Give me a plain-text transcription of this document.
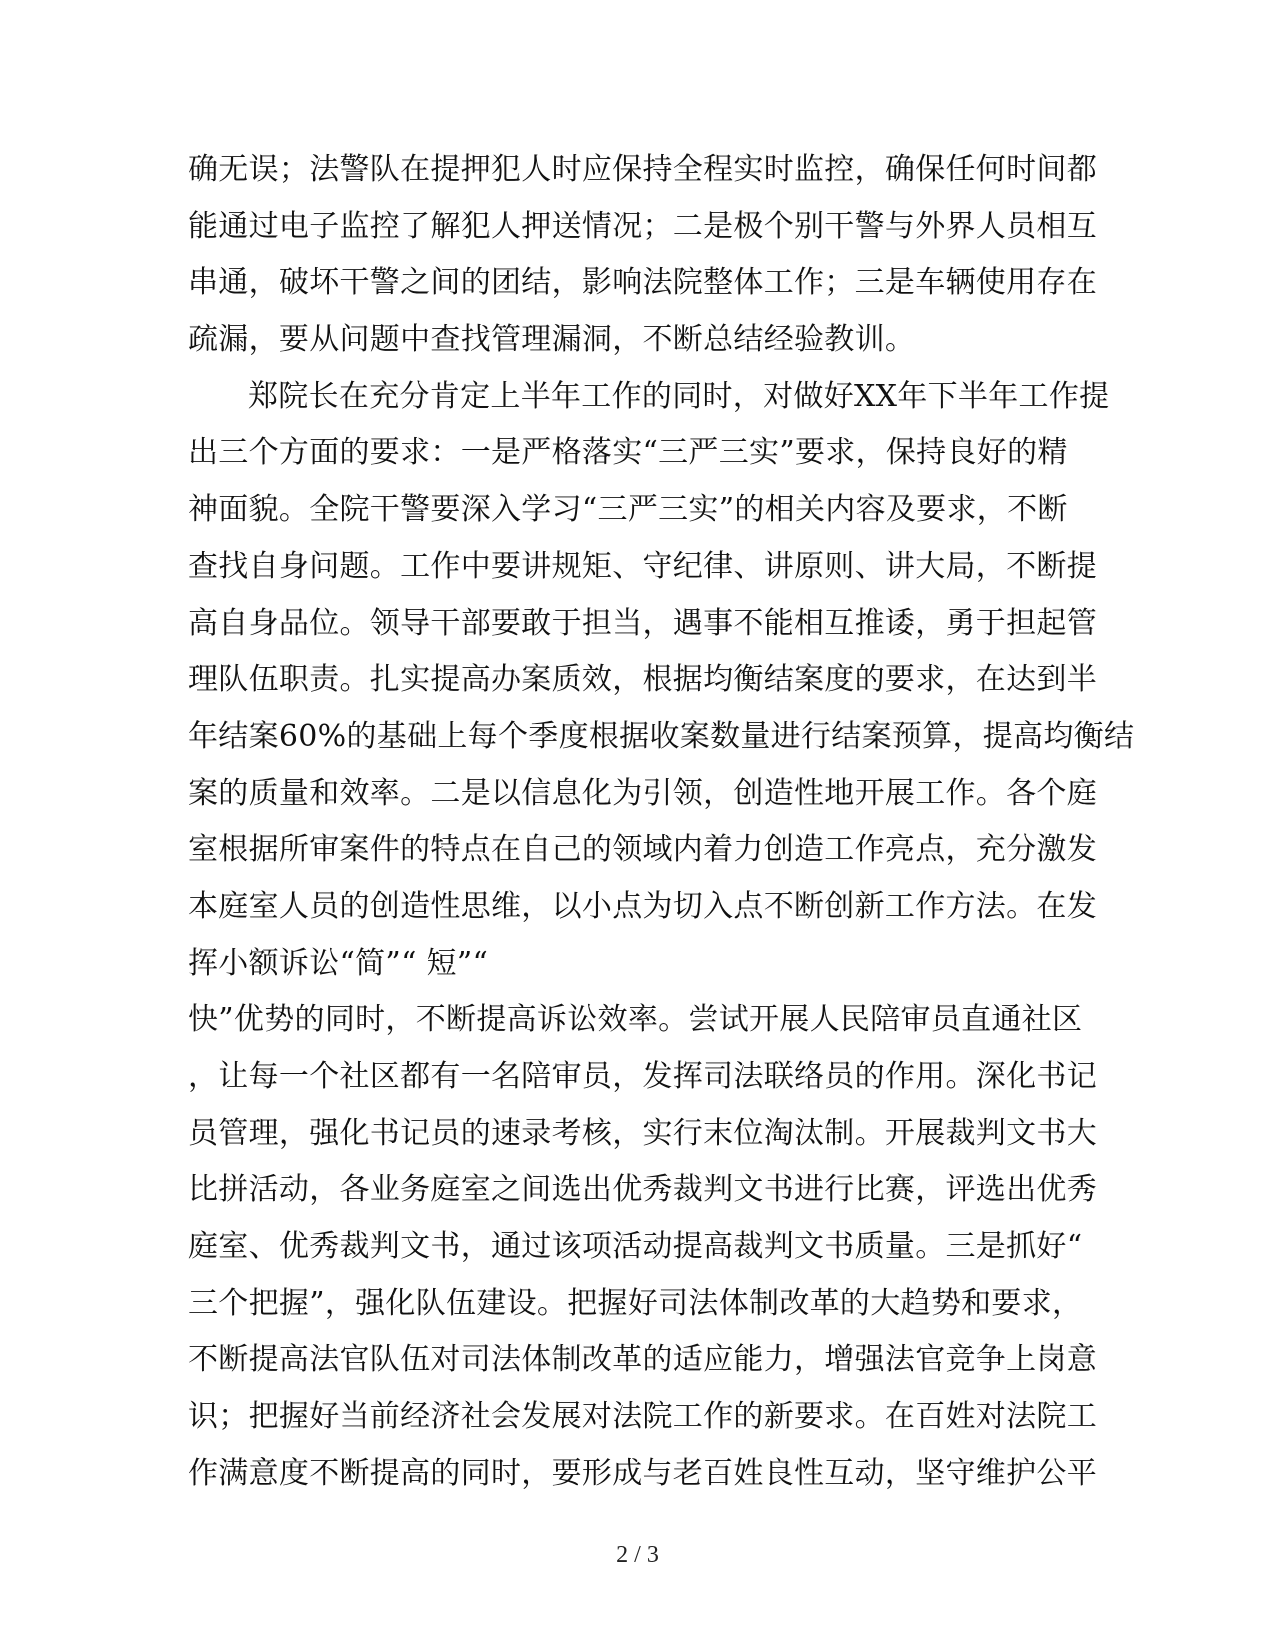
确无误；法警队在提押犯人时应保持全程实时监控，确保任何时间都
能通过电子监控了解犯人押送情况；二是极个别干警与外界人员相互
串通，破坏干警之间的团结，影响法院整体工作；三是车辆使用存在
疏漏，要从问题中查找管理漏洞，不断总结经验教训。
郑院长在充分肯定上半年工作的同时，对做好XX年下半年工作提
出三个方面的要求：一是严格落实“三严三实”要求，保持良好的精
神面貌。全院干警要深入学习“三严三实”的相关内容及要求，不断
查找自身问题。工作中要讲规矩、守纪律、讲原则、讲大局，不断提
高自身品位。领导干部要敢于担当，遇事不能相互推诿，勇于担起管
理队伍职责。扎实提高办案质效，根据均衡结案度的要求，在达到半
年结案60%的基础上每个季度根据收案数量进行结案预算，提高均衡结
案的质量和效率。二是以信息化为引领，创造性地开展工作。各个庭
室根据所审案件的特点在自己的领域内着力创造工作亮点，充分激发
本庭室人员的创造性思维，以小点为切入点不断创新工作方法。在发
挥小额诉讼“简”“ 短”“
快”优势的同时，不断提高诉讼效率。尝试开展人民陪审员直通社区
，让每一个社区都有一名陪审员，发挥司法联络员的作用。深化书记
员管理，强化书记员的速录考核，实行末位淘汰制。开展裁判文书大
比拼活动，各业务庭室之间选出优秀裁判文书进行比赛，评选出优秀
庭室、优秀裁判文书，通过该项活动提高裁判文书质量。三是抓好“
三个把握”，强化队伍建设。把握好司法体制改革的大趋势和要求，
不断提高法官队伍对司法体制改革的适应能力，增强法官竞争上岗意
识；把握好当前经济社会发展对法院工作的新要求。在百姓对法院工
作满意度不断提高的同时，要形成与老百姓良性互动，坚守维护公平
2 / 3
